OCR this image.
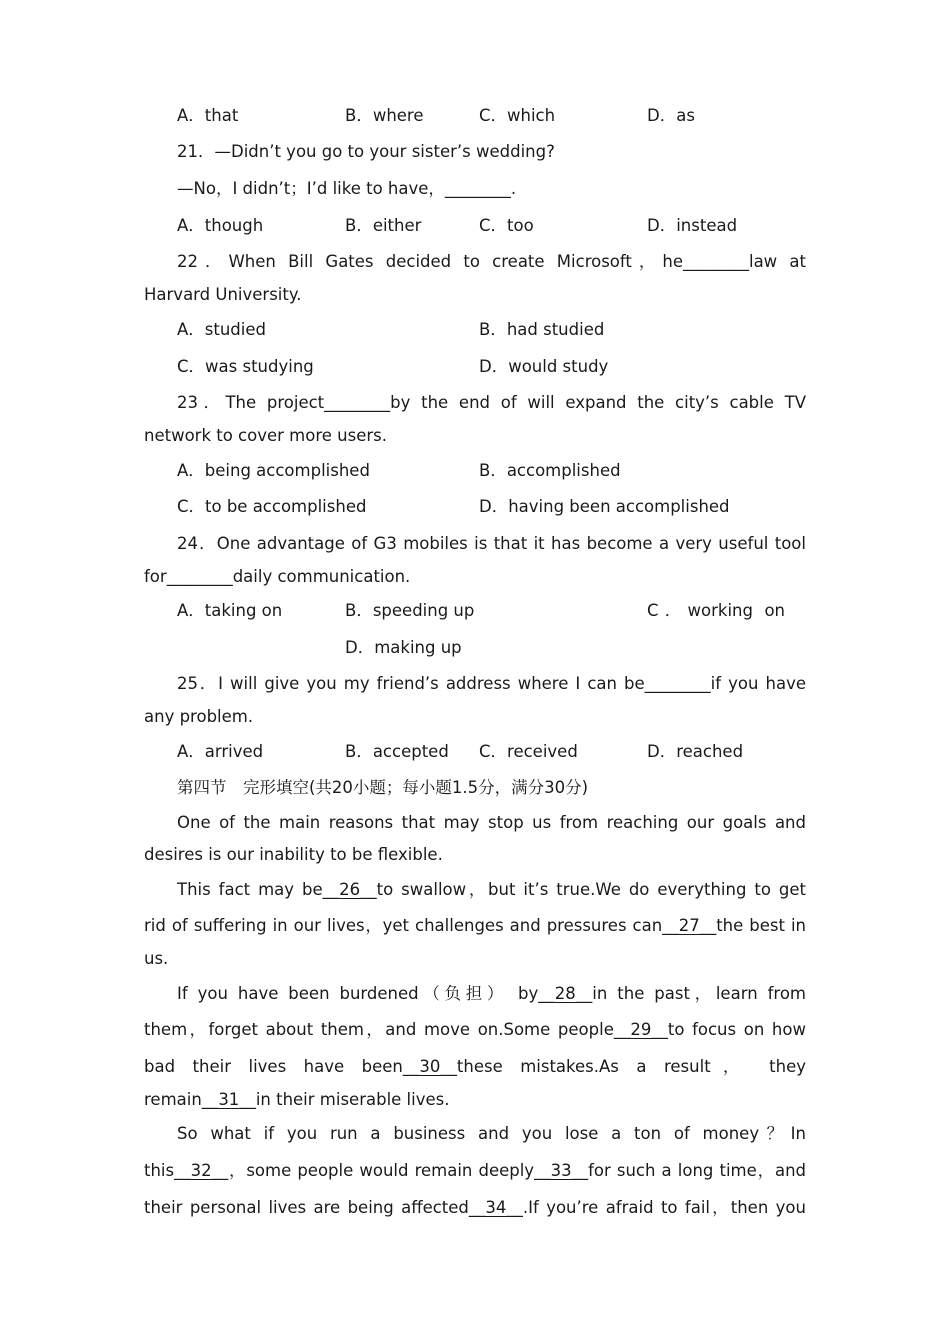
A．that	B．where	C．which	D．as
21．—Didn’t you go to your sister’s wedding?
—No，I didn’t；I’d like to have，________.
A．though	B．either	C．too	D．instead
22．When Bill Gates decided to create Microsoft，he________law at
Harvard University.
A．studied	B．had studied
C．was studying	D．would study
23．The project________by the end of will expand the city’s cable TV
network to cover more users.
A．being accomplished	B．accomplished
C．to be accomplished	D．having been accomplished
24．One advantage of G3 mobiles is that it has become a very useful tool
for________daily communication.
A．taking on	B．speeding up	C．working on
D．making up
25．I will give you my friend’s address where I can be________if you have
any problem.
A．arrived	B．accepted C．received	D．reached
第四节　完形填空(共20小题；每小题1.5分，满分30分)
One of the main reasons that may stop us from reaching our goals and
desires is our inability to be flexible.
This fact may be__26__to swallow，but it’s true.We do everything to get
rid of suffering in our lives，yet challenges and pressures can__27__the best in
us.
If you have been burdened（负担） by__28__in the past，learn from
them，forget about them，and move on.Some people__29__to focus on how
bad their lives have been__30__these mistakes.As a result， they
remain__31__in their miserable lives.
So what if you run a business and you lose a ton of money？In
this__32__，some people would remain deeply__33__for such a long time，and
their personal lives are being affected__34__.If you’re afraid to fail，then you
